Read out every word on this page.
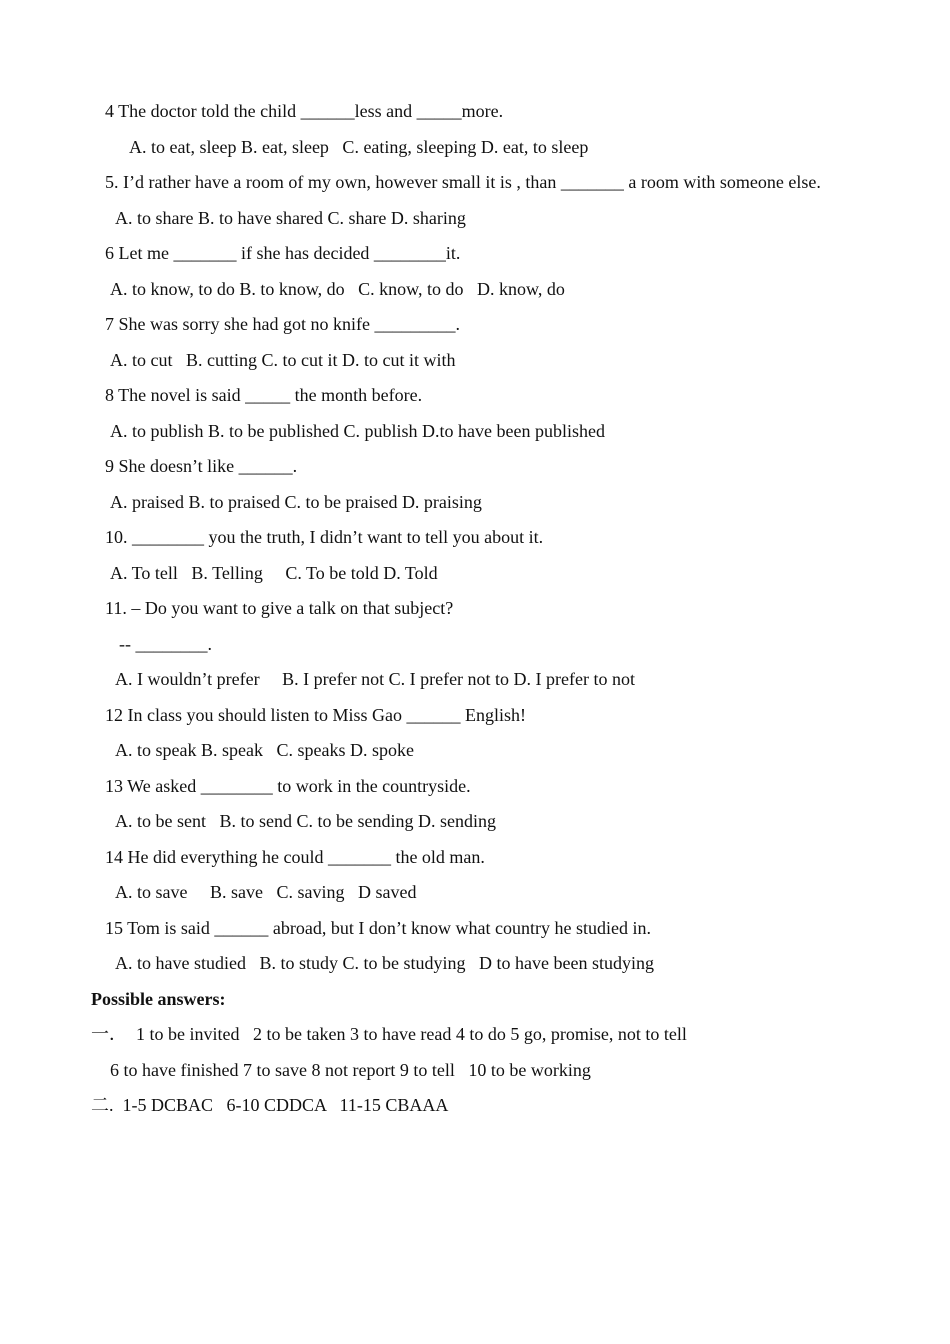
4 The doctor told the child ______less and _____more.
A. to eat, sleep B. eat, sleep   C. eating, sleeping D. eat, to sleep
5. I’d rather have a room of my own, however small it is , than _______ a room with someone else.
A. to share B. to have shared C. share D. sharing
6 Let me _______ if she has decided ________it.
A. to know, to do B. to know, do   C. know, to do   D. know, do
7 She was sorry she had got no knife _________.
A. to cut   B. cutting C. to cut it D. to cut it with
8 The novel is said _____ the month before.
A. to publish B. to be published C. publish D.to have been published
9 She doesn’t like ______.
A. praised B. to praised C. to be praised D. praising
10. ________ you the truth, I didn’t want to tell you about it.
A. To tell   B. Telling     C. To be told D. Told
11. – Do you want to give a talk on that subject?
-- ________.
A. I wouldn’t prefer     B. I prefer not C. I prefer not to D. I prefer to not
12 In class you should listen to Miss Gao ______ English!
A. to speak B. speak   C. speaks D. spoke
13 We asked ________ to work in the countryside.
A. to be sent   B. to send C. to be sending D. sending
14 He did everything he could _______ the old man.
A. to save     B. save   C. saving   D saved
15 Tom is said ______ abroad, but I don’t know what country he studied in.
A. to have studied   B. to study C. to be studying   D to have been studying
Possible answers:
一．  1 to be invited   2 to be taken 3 to have read 4 to do 5 go, promise, not to tell
6 to have finished 7 to save 8 not report 9 to tell   10 to be working
二.  1-5 DCBAC   6-10 CDDCA   11-15 CBAAA
